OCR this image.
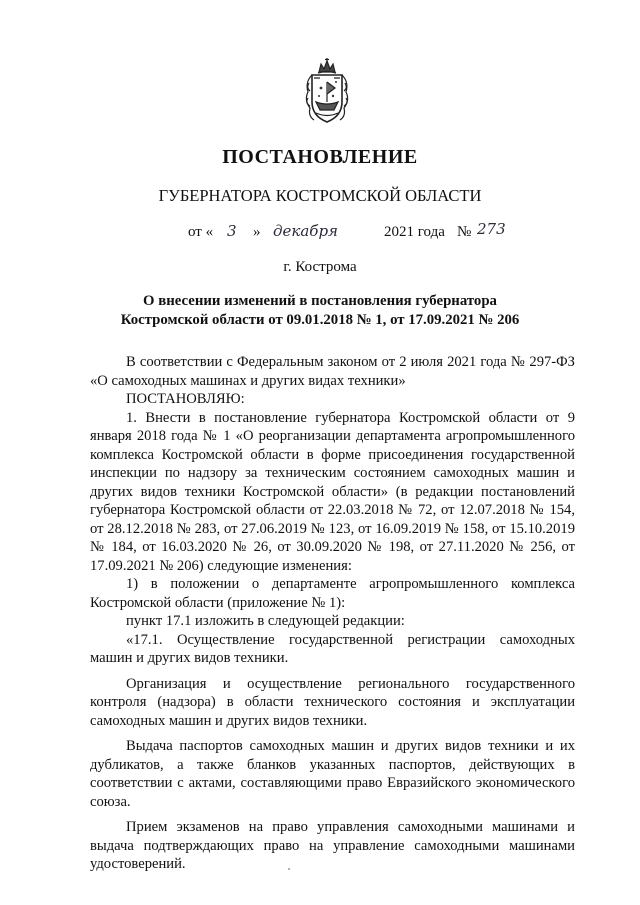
ПОСТАНОВЛЕНИЕ
ГУБЕРНАТОРА КОСТРОМСКОЙ ОБЛАСТИ
от « 3 » декабря	2021 года № 273
г. Кострома
О внесении изменений в постановления губернатора
Костромской области от 09.01.2018 № 1, от 17.09.2021 № 206

В соответствии с Федеральным законом от 2 июля 2021 года № 297-ФЗ «О самоходных машинах и других видах техники»

ПОСТАНОВЛЯЮ:

1. Внести в постановление губернатора Костромской области от 9 января 2018 года № 1 «О реорганизации департамента агропромышленного комплекса Костромской области в форме присоединения государственной инспекции по надзору за техническим состоянием самоходных машин и других видов техники Костромской области» (в редакции постановлений губернатора Костромской области от 22.03.2018 № 72, от 12.07.2018 № 154, от 28.12.2018 № 283, от 27.06.2019 № 123, от 16.09.2019 № 158, от 15.10.2019 № 184, от 16.03.2020 № 26, от 30.09.2020 № 198, от 27.11.2020 № 256, от 17.09.2021 № 206) следующие изменения:

1) в положении о департаменте агропромышленного комплекса Костромской области (приложение № 1):

пункт 17.1 изложить в следующей редакции:

«17.1. Осуществление государственной регистрации самоходных машин и других видов техники.

Организация и осуществление регионального государственного контроля (надзора) в области технического состояния и эксплуатации самоходных машин и других видов техники.

Выдача паспортов самоходных машин и других видов техники и их дубликатов, а также бланков указанных паспортов, действующих в соответствии с актами, составляющими право Евразийского экономического союза.

Прием экзаменов на право управления самоходными машинами и выдача подтверждающих право на управление самоходными машинами удостоверений.
